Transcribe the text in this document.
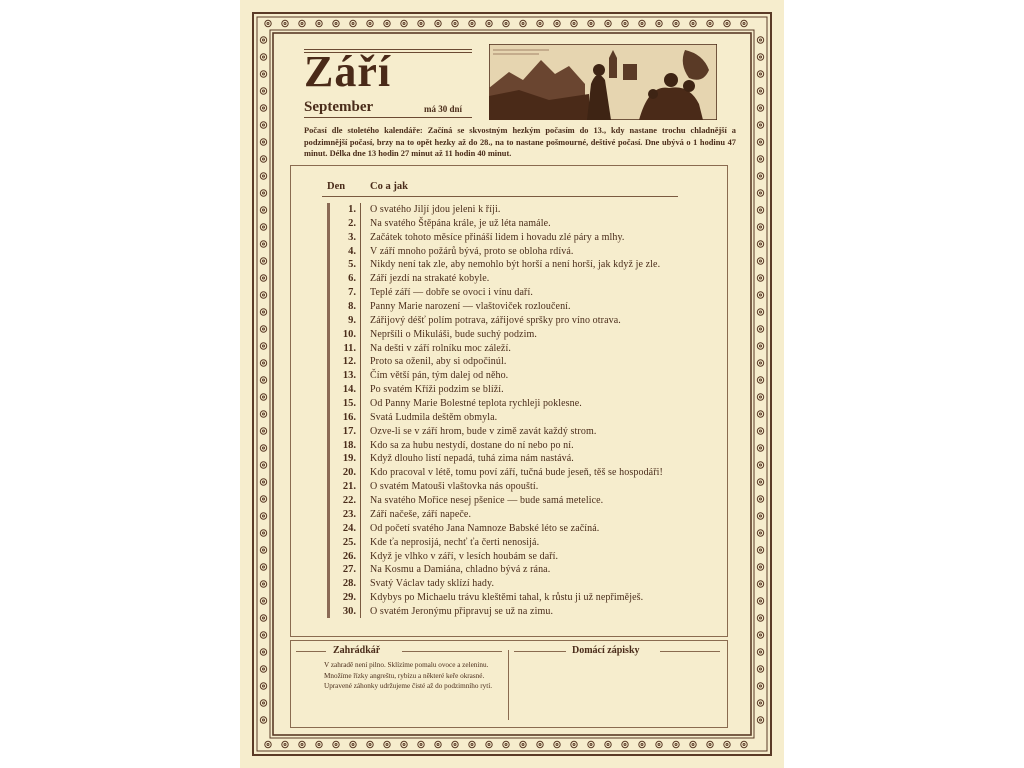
Září
September	má 30 dní
Počasí dle stoletého kalendáře: Začíná se skvostným hezkým počasím do 13., kdy nastane trochu chladnější a podzimnější počasí, brzy na to opět hezky až do 28., na to nastane pošmourné, deštivé počasí. Dne ubývá o 1 hodinu 47 minut. Délka dne 13 hodin 27 minut až 11 hodin 40 minut.
Den Co a jak
1. O svatého Jiljí jdou jeleni k říji.
2. Na svatého Štěpána krále, je už léta namále.
3. Začátek tohoto měsíce přináší lidem i hovadu zlé páry a mlhy.
4. V září mnoho požárů bývá, proto se obloha rdívá.
5. Nikdy není tak zle, aby nemohlo být horší a není horší, jak když je zle.
6. Září jezdí na strakaté kobyle.
7. Teplé září — dobře se ovoci i vínu daří.
8. Panny Marie narození — vlaštoviček rozloučení.
9. Zářijový déšť polím potrava, zářijové spršky pro víno otrava.
10. Nepršíli o Mikuláši, bude suchý podzim.
11. Na dešti v září rolníku moc záleží.
12. Proto sa oženil, aby si odpočinúl.
13. Čím větší pán, tým dalej od něho.
14. Po svatém Kříži podzim se blíží.
15. Od Panny Marie Bolestné teplota rychleji poklesne.
16. Svatá Ludmila deštěm obmyla.
17. Ozve-li se v září hrom, bude v zimě zavát každý strom.
18. Kdo sa za hubu nestydí, dostane do ní nebo po ní.
19. Když dlouho listí nepadá, tuhá zima nám nastává.
20. Kdo pracoval v létě, tomu poví září, tučná bude jeseň, těš se hospodáři!
21. O svatém Matouši vlaštovka nás opouští.
22. Na svatého Mořice nesej pšenice — bude samá metelice.
23. Září načeše, září napeče.
24. Od početí svatého Jana Namnoze Babské léto se začíná.
25. Kde ťa neprosijá, nechť ťa čerti nenosijá.
26. Když je vlhko v září, v lesích houbám se daří.
27. Na Kosmu a Damiána, chladno bývá z rána.
28. Svatý Václav tady sklízí hady.
29. Kdybys po Michaelu trávu kleštěmi tahal, k růstu ji už nepřiměješ.
30. O svatém Jeronýmu připravuj se už na zimu.
Zahrádkář	Domácí zápisky
V zahradě není pilno. Sklízíme pomalu ovoce a zeleninu. Množíme řízky angreštu, rybízu a některé keře okrasné. Upravené záhonky udržujeme čisté až do podzimního rytí.
